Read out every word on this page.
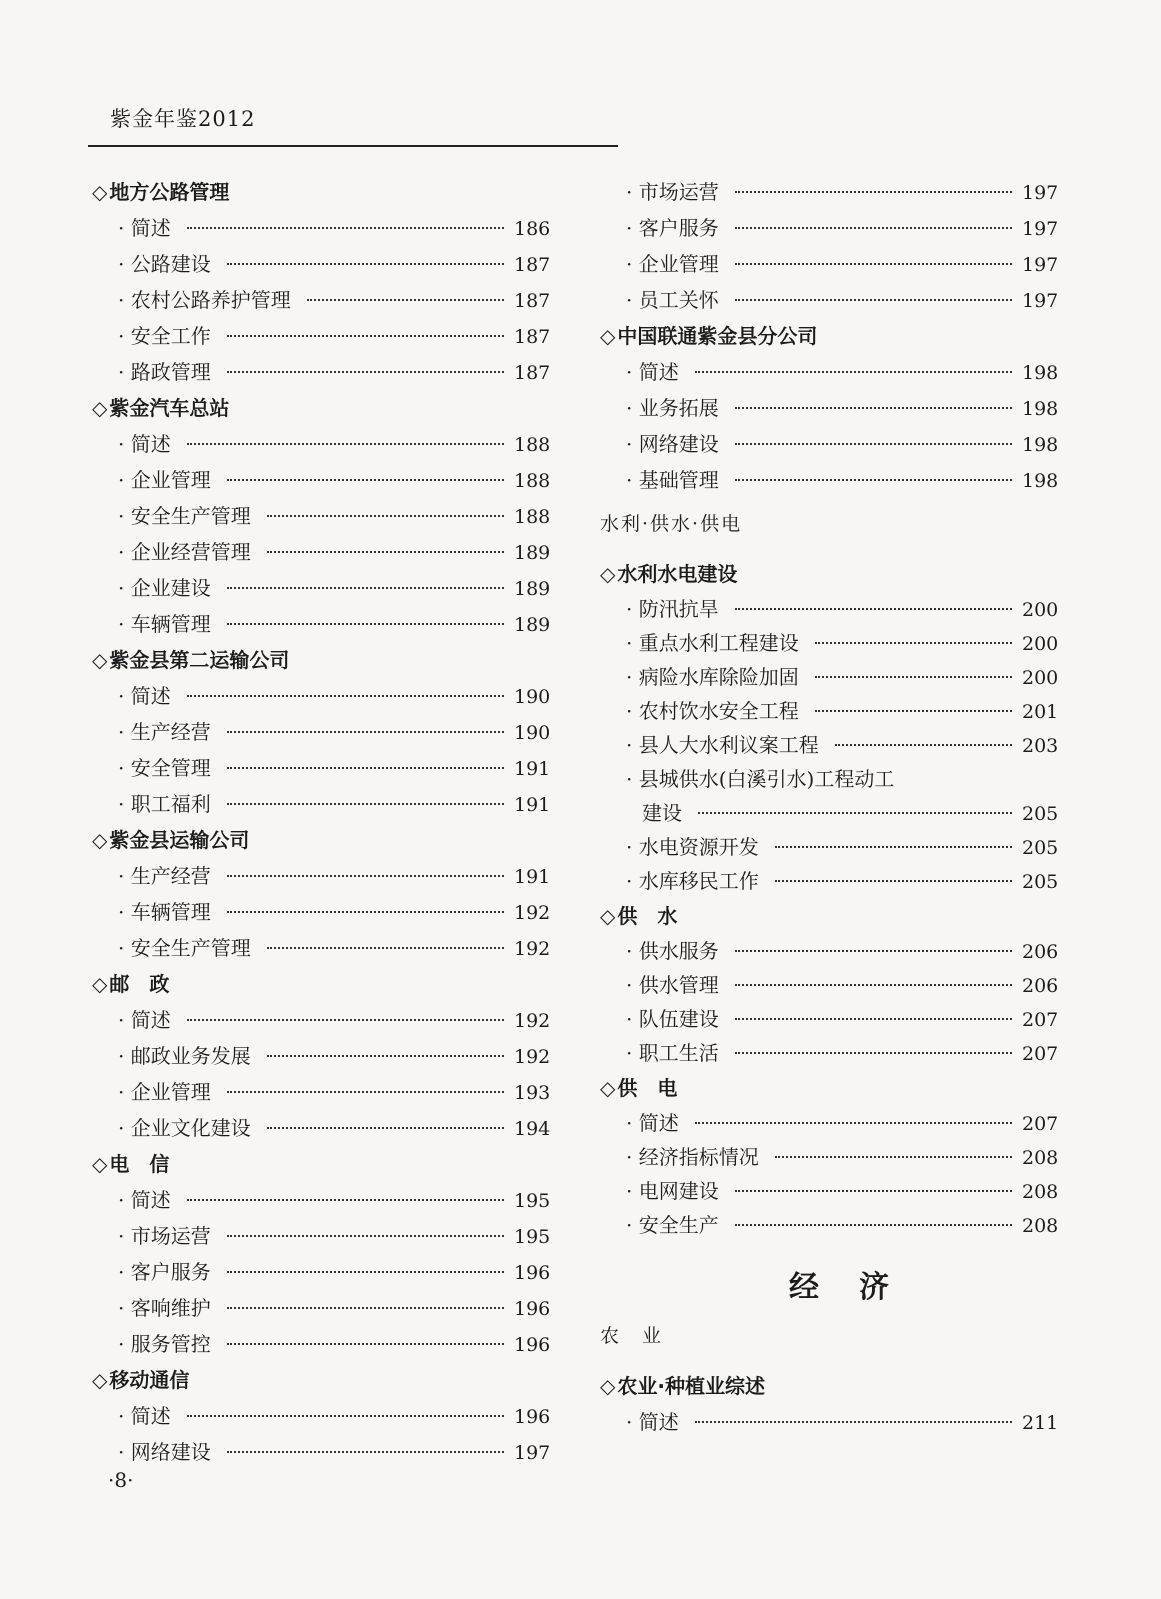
紫金年鉴2012
◇ 地方公路管理
· 简述	186
· 公路建设	187
· 农村公路养护管理	187
· 安全工作	187
· 路政管理	187
◇ 紫金汽车总站
· 简述	188
· 企业管理	188
· 安全生产管理	188
· 企业经营管理	189
· 企业建设	189
· 车辆管理	189
◇ 紫金县第二运输公司
· 简述	190
· 生产经营	190
· 安全管理	191
· 职工福利	191
◇ 紫金县运输公司
· 生产经营	191
· 车辆管理	192
· 安全生产管理	192
◇ 邮　政
· 简述	192
· 邮政业务发展	192
· 企业管理	193
· 企业文化建设	194
◇ 电　信
· 简述	195
· 市场运营	195
· 客户服务	196
· 客响维护	196
· 服务管控	196
◇ 移动通信
· 简述	196
· 网络建设	197
· 市场运营	197
· 客户服务	197
· 企业管理	197
· 员工关怀	197
◇ 中国联通紫金县分公司
· 简述	198
· 业务拓展	198
· 网络建设	198
· 基础管理	198
水利·供水·供电
◇ 水利水电建设
· 防汛抗旱	200
· 重点水利工程建设	200
· 病险水库除险加固	200
· 农村饮水安全工程	201
· 县人大水利议案工程	203
· 县城供水(白溪引水)工程动工
建设	205
· 水电资源开发	205
· 水库移民工作	205
◇ 供　水
· 供水服务	206
· 供水管理	206
· 队伍建设	207
· 职工生活	207
◇ 供　电
· 简述	207
· 经济指标情况	208
· 电网建设	208
· 安全生产	208
经济
农　业
◇ 农业·种植业综述
· 简述	211
·8·
